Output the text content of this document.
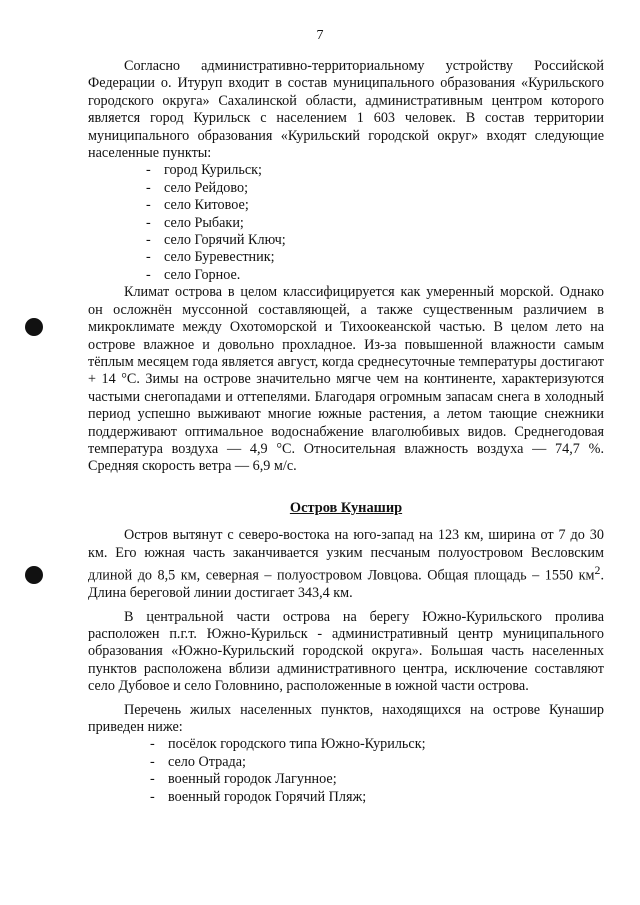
7

Согласно административно-территориальному устройству Российской Федерации о. Итуруп входит в состав муниципального образования «Курильского городского округа» Сахалинской области, административным центром которого является город Курильск с населением 1 603 человек. В состав территории муниципального образования «Курильский городской округ» входят следующие населенные пункты:

- город Курильск;
- село Рейдово;
- село Китовое;
- село Рыбаки;
- село Горячий Ключ;
- село Буревестник;
- село Горное.

Климат острова в целом классифицируется как умеренный морской. Однако он осложнён муссонной составляющей, а также существенным различием в микроклимате между Охотоморской и Тихоокеанской частью. В целом лето на острове влажное и довольно прохладное. Из-за повышенной влажности самым тёплым месяцем года является август, когда среднесуточные температуры достигают + 14 °C. Зимы на острове значительно мягче чем на континенте, характеризуются частыми снегопадами и оттепелями. Благодаря огромным запасам снега в холодный период успешно выживают многие южные растения, а летом тающие снежники поддерживают оптимальное водоснабжение влаголюбивых видов. Среднегодовая температура воздуха — 4,9 °C. Относительная влажность воздуха — 74,7 %. Средняя скорость ветра — 6,9 м/с.

Остров Кунашир

Остров вытянут с северо-востока на юго-запад на 123 км, ширина от 7 до 30 км. Его южная часть заканчивается узким песчаным полуостровом Весловским длиной до 8,5 км, северная – полуостровом Ловцова. Общая площадь – 1550 $км^2$. Длина береговой линии достигает 343,4 км.

В центральной части острова на берегу Южно-Курильского пролива расположен п.г.т. Южно-Курильск - административный центр муниципального образования «Южно-Курильский городской округа». Большая часть населенных пунктов расположена вблизи административного центра, исключение составляют село Дубовое и село Головнино, расположенные в южной части острова.

Перечень жилых населенных пунктов, находящихся на острове Кунашир приведен ниже:

- посёлок городского типа Южно-Курильск;
- село Отрада;
- военный городок Лагунное;
- военный городок Горячий Пляж;
